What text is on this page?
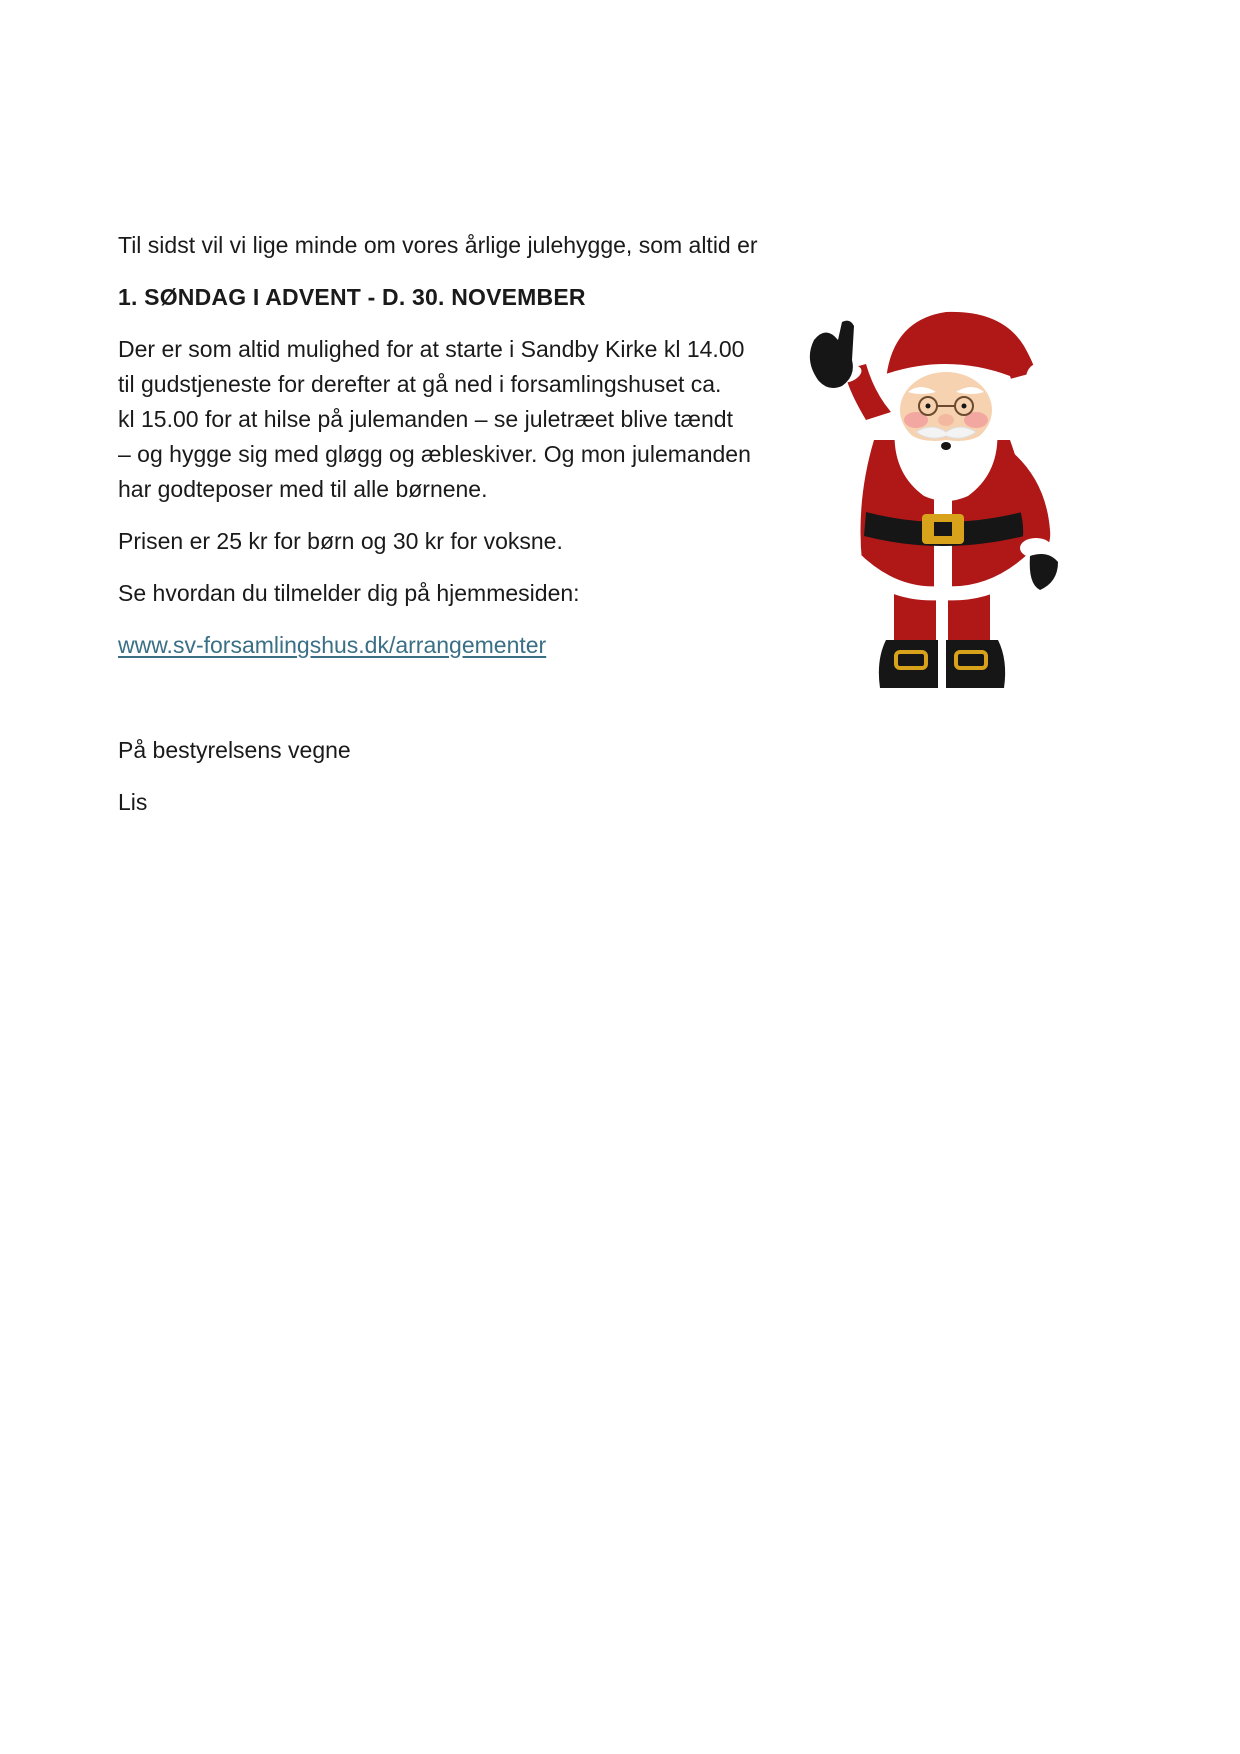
Til sidst vil vi lige minde om vores årlige julehygge, som altid er

1. SØNDAG I ADVENT - D. 30. NOVEMBER

Der er som altid mulighed for at starte i Sandby Kirke kl 14.00
til gudstjeneste for derefter at gå ned i forsamlingshuset ca.
kl 15.00 for at hilse på julemanden – se juletræet blive tændt
– og hygge sig med gløgg og æbleskiver. Og mon julemanden
har godteposer med til alle børnene.

Prisen er 25 kr for børn og 30 kr for voksne.

Se hvordan du tilmelder dig på hjemmesiden:

www.sv-forsamlingshus.dk/arrangementer

På bestyrelsens vegne

Lis
